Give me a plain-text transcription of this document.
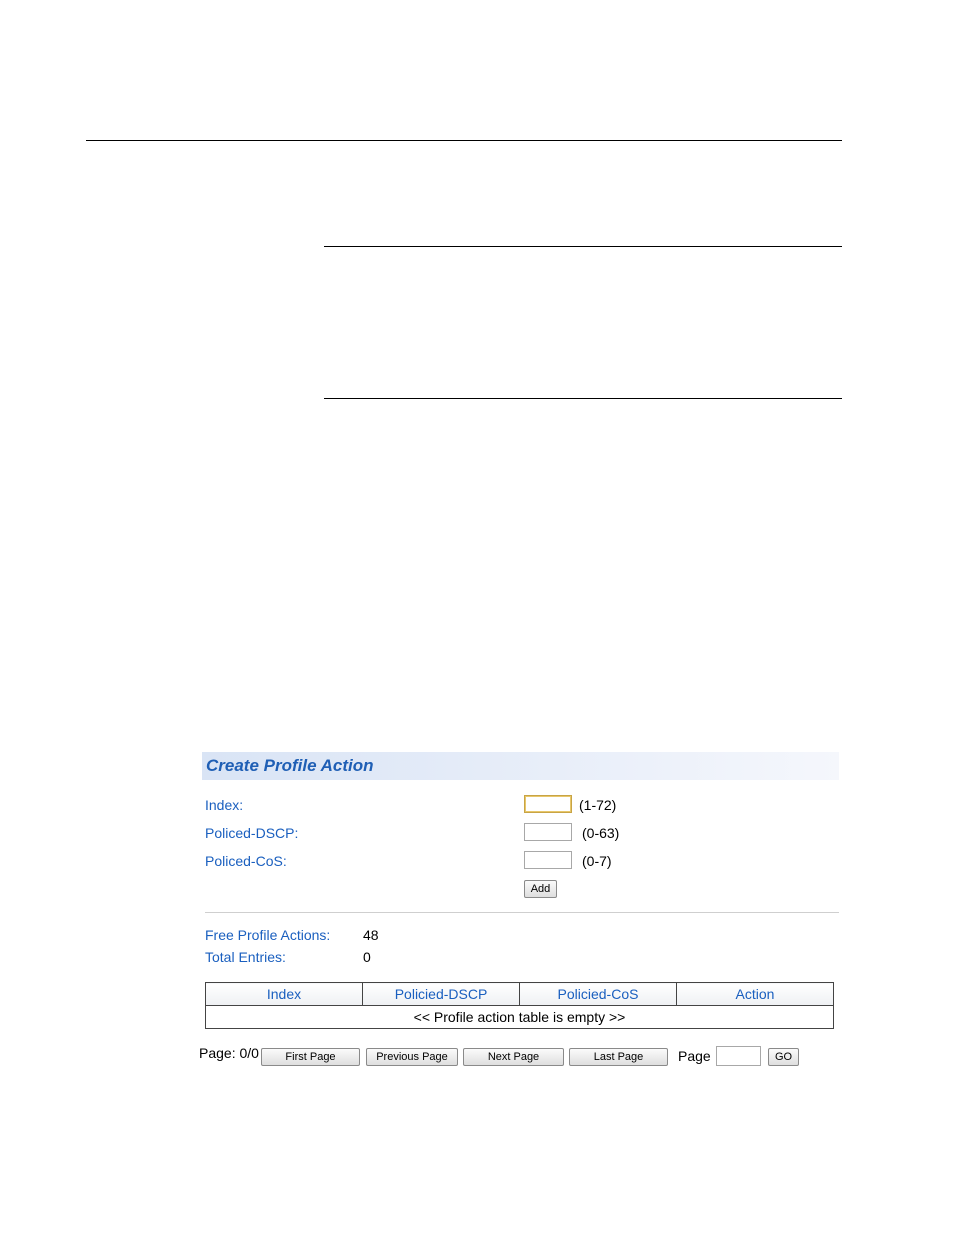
Create Profile Action
Index:	(1-72)
Policed-DSCP:	(0-63)
Policed-CoS:	(0-7)
Add
Free Profile Actions: 48
Total Entries:	0
Index	Policied-DSCP	Policied-CoS	Action
<< Profile action table is empty >>
Page: 0/0	First Page	Previous Page	Next Page	Last Page	Page	GO
